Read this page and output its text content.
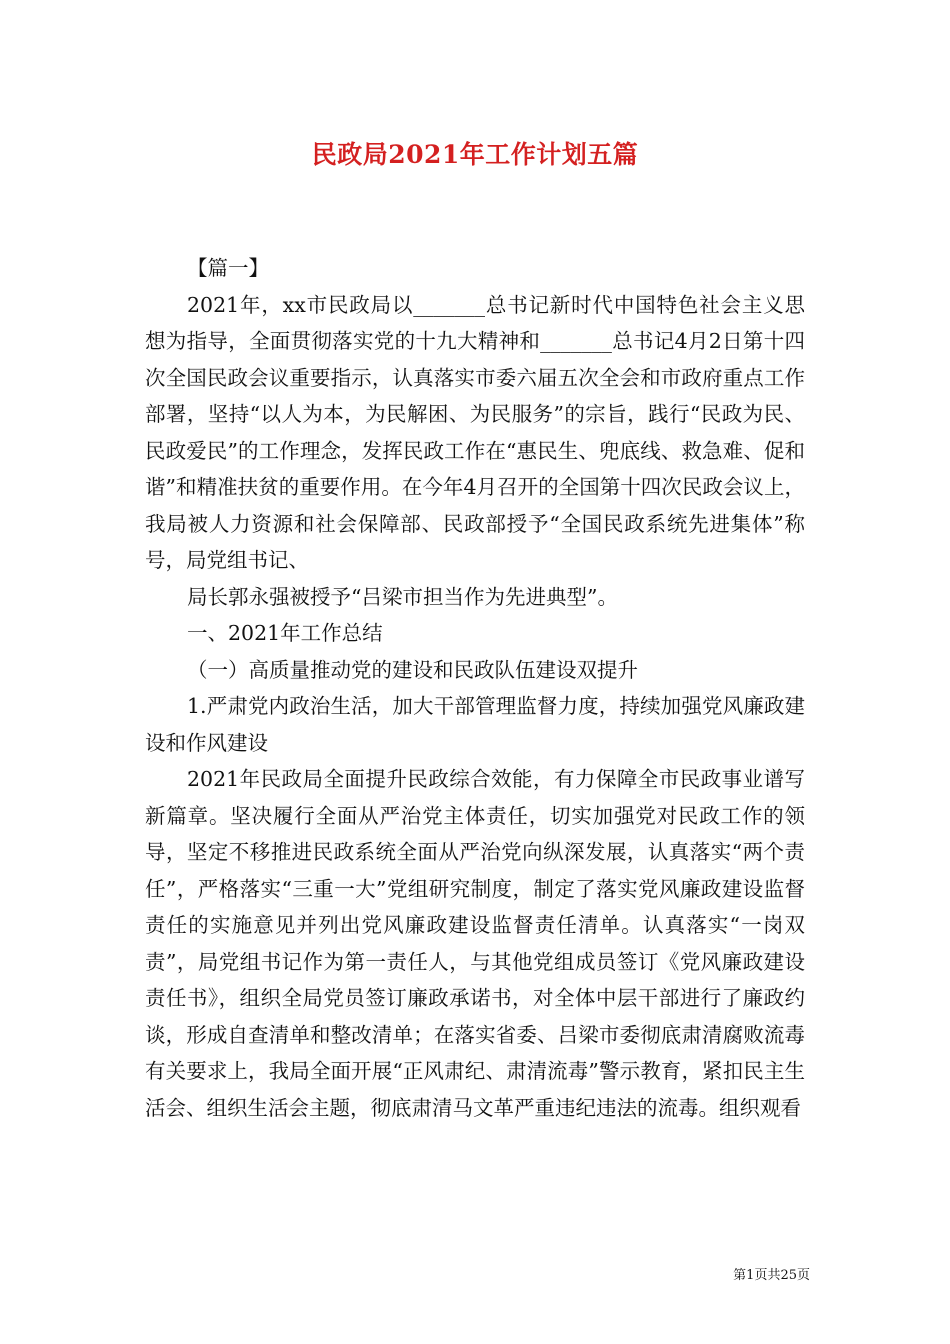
民政局2021年工作计划五篇

【篇一】

2021年，xx市民政局以_______总书记新时代中国特色社会主义思想为指导，全面贯彻落实党的十九大精神和_______总书记4月2日第十四次全国民政会议重要指示，认真落实市委六届五次全会和市政府重点工作部署，坚持“以人为本，为民解困、为民服务”的宗旨，践行“民政为民、民政爱民”的工作理念，发挥民政工作在“惠民生、兜底线、救急难、促和谐”和精准扶贫的重要作用。在今年4月召开的全国第十四次民政会议上，我局被人力资源和社会保障部、民政部授予“全国民政系统先进集体”称号，局党组书记、

局长郭永强被授予“吕梁市担当作为先进典型”。

一、2021年工作总结

（一）高质量推动党的建设和民政队伍建设双提升

1.严肃党内政治生活，加大干部管理监督力度，持续加强党风廉政建设和作风建设

2021年民政局全面提升民政综合效能，有力保障全市民政事业谱写新篇章。坚决履行全面从严治党主体责任，切实加强党对民政工作的领导，坚定不移推进民政系统全面从严治党向纵深发展，认真落实“两个责任”，严格落实“三重一大”党组研究制度，制定了落实党风廉政建设监督责任的实施意见并列出党风廉政建设监督责任清单。认真落实“一岗双责”，局党组书记作为第一责任人，与其他党组成员签订《党风廉政建设责任书》，组织全局党员签订廉政承诺书，对全体中层干部进行了廉政约谈，形成自查清单和整改清单；在落实省委、吕梁市委彻底肃清腐败流毒有关要求上，我局全面开展“正风肃纪、肃清流毒”警示教育，紧扣民主生活会、组织生活会主题，彻底肃清马文革严重违纪违法的流毒。组织观看

第1页共25页
